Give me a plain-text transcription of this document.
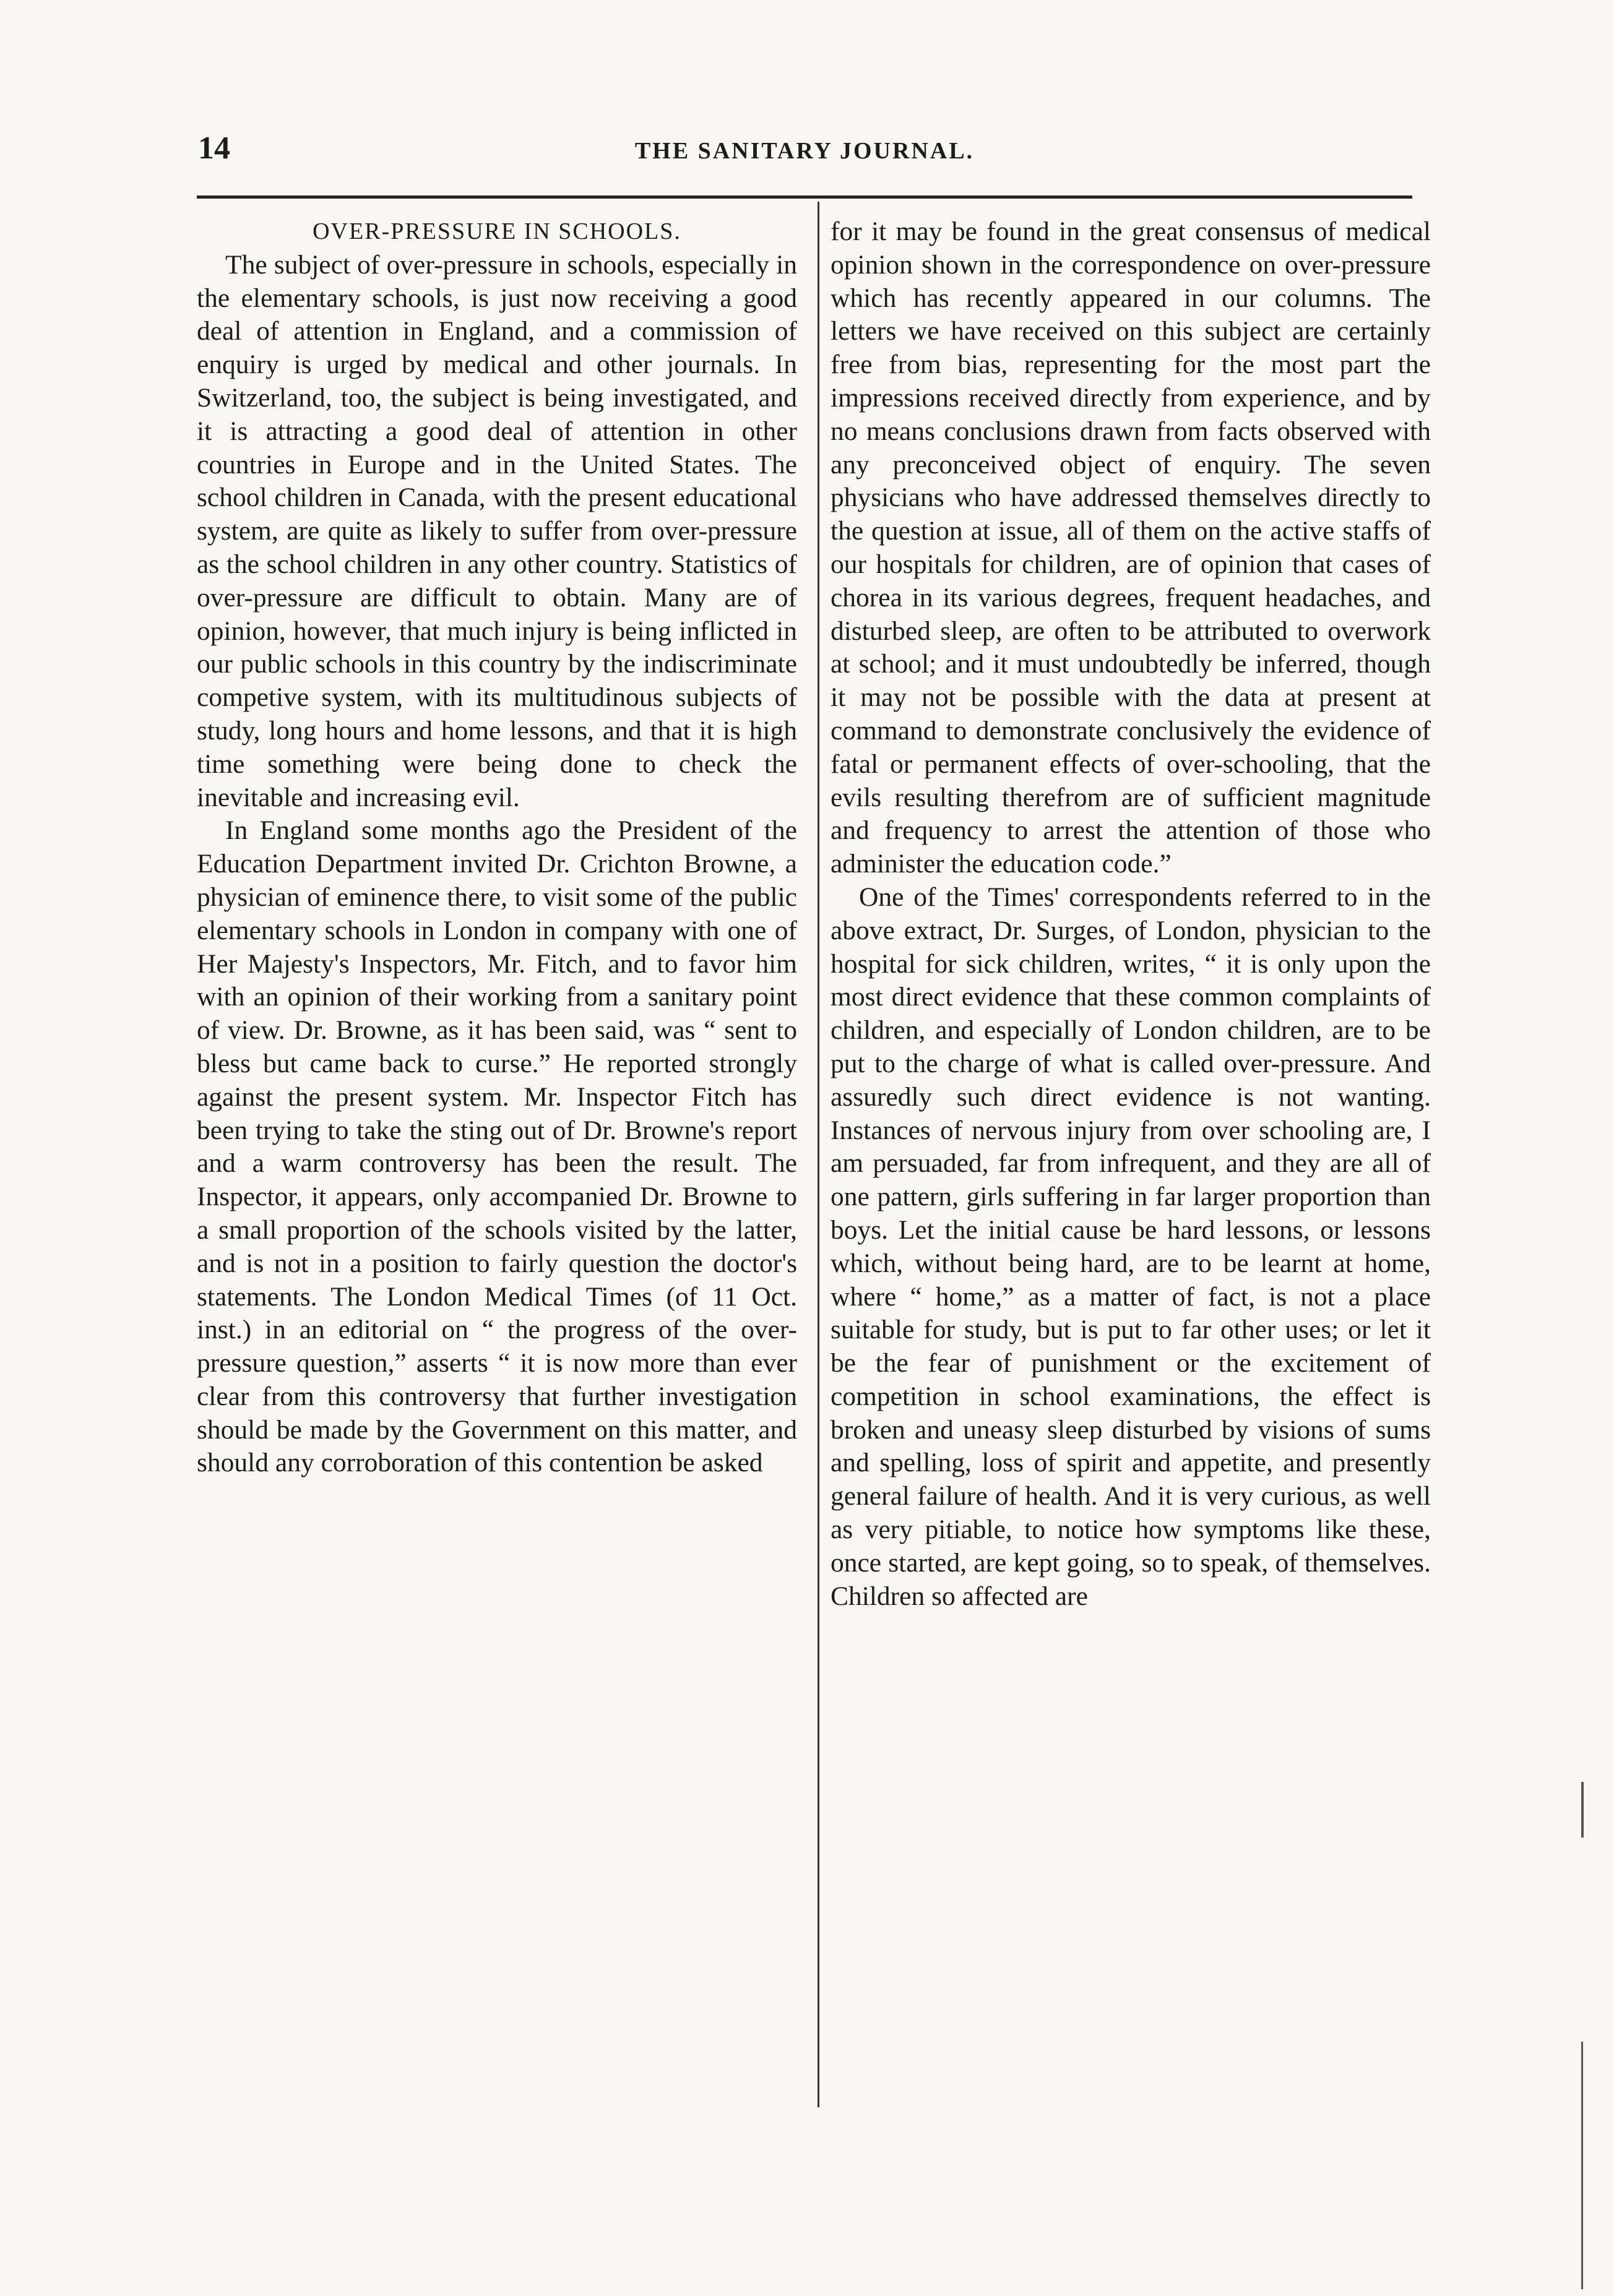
14	THE SANITARY JOURNAL.
OVER-PRESSURE IN SCHOOLS.

The subject of over-pressure in schools, especially in the elementary schools, is just now receiving a good deal of attention in England, and a commission of enquiry is urged by medical and other journals. In Switzerland, too, the subject is being investigated, and it is attracting a good deal of attention in other countries in Europe and in the United States. The school children in Canada, with the present educational system, are quite as likely to suffer from over-pressure as the school children in any other country. Statistics of over-pressure are difficult to obtain. Many are of opinion, however, that much injury is being inflicted in our public schools in this country by the indiscriminate competive system, with its multitudinous subjects of study, long hours and home lessons, and that it is high time something were being done to check the inevitable and increasing evil.

In England some months ago the President of the Education Department invited Dr. Crichton Browne, a physician of eminence there, to visit some of the public elementary schools in London in company with one of Her Majesty's Inspectors, Mr. Fitch, and to favor him with an opinion of their working from a sanitary point of view. Dr. Browne, as it has been said, was “ sent to bless but came back to curse.” He reported strongly against the present system. Mr. Inspector Fitch has been trying to take the sting out of Dr. Browne's report and a warm controversy has been the result. The Inspector, it appears, only accompanied Dr. Browne to a small proportion of the schools visited by the latter, and is not in a position to fairly question the doctor's statements. The London Medical Times (of 11 Oct. inst.) in an editorial on “ the progress of the over-pressure question,” asserts “ it is now more than ever clear from this controversy that further investigation should be made by the Government on this matter, and should any corroboration of this contention be asked

for it may be found in the great consensus of medical opinion shown in the correspondence on over-pressure which has recently appeared in our columns. The letters we have received on this subject are certainly free from bias, representing for the most part the impressions received directly from experience, and by no means conclusions drawn from facts observed with any preconceived object of enquiry. The seven physicians who have addressed themselves directly to the question at issue, all of them on the active staffs of our hospitals for children, are of opinion that cases of chorea in its various degrees, frequent headaches, and disturbed sleep, are often to be attributed to overwork at school; and it must undoubtedly be inferred, though it may not be possible with the data at present at command to demonstrate conclusively the evidence of fatal or permanent effects of over-schooling, that the evils resulting therefrom are of sufficient magnitude and frequency to arrest the attention of those who administer the education code.”

One of the Times' correspondents referred to in the above extract, Dr. Surges, of London, physician to the hospital for sick children, writes, “ it is only upon the most direct evidence that these common complaints of children, and especially of London children, are to be put to the charge of what is called over-pressure. And assuredly such direct evidence is not wanting. Instances of nervous injury from over schooling are, I am persuaded, far from infrequent, and they are all of one pattern, girls suffering in far larger proportion than boys. Let the initial cause be hard lessons, or lessons which, without being hard, are to be learnt at home, where “ home,” as a matter of fact, is not a place suitable for study, but is put to far other uses; or let it be the fear of punishment or the excitement of competition in school examinations, the effect is broken and uneasy sleep disturbed by visions of sums and spelling, loss of spirit and appetite, and presently general failure of health. And it is very curious, as well as very pitiable, to notice how symptoms like these, once started, are kept going, so to speak, of themselves. Children so affected are
